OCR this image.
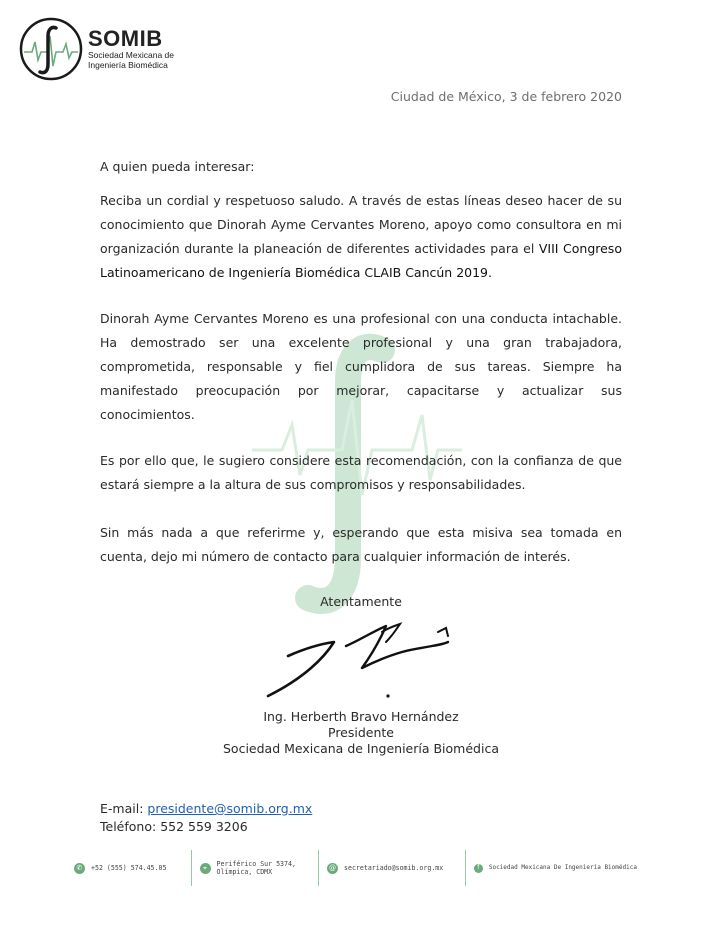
SOMIB
Sociedad Mexicana de
Ingeniería Biomédica
Ciudad de México, 3 de febrero 2020

A quien pueda interesar:

Reciba un cordial y respetuoso saludo. A través de estas líneas deseo hacer de su conocimiento que Dinorah Ayme Cervantes Moreno, apoyo como consultora en mi organización durante la planeación de diferentes actividades para el VIII Congreso Latinoamericano de Ingeniería Biomédica CLAIB Cancún 2019.

Dinorah Ayme Cervantes Moreno es una profesional con una conducta intachable. Ha demostrado ser una excelente profesional y una gran trabajadora, comprometida, responsable y fiel cumplidora de sus tareas. Siempre ha manifestado preocupación por mejorar, capacitarse y actualizar sus conocimientos.

Es por ello que, le sugiero considere esta recomendación, con la confianza de que estará siempre a la altura de sus compromisos y responsabilidades.

Sin más nada a que referirme y, esperando que esta misiva sea tomada en cuenta, dejo mi número de contacto para cualquier información de interés.

Atentamente
Ing. Herberth Bravo Hernández
Presidente
Sociedad Mexicana de Ingeniería Biomédica
E-mail: presidente@somib.org.mx
Teléfono: 552 559 3206
✆	+52 (555) 574.45.05	⌖	Periférico Sur 5374,
Olímpica, CDMX	@	secretariado@somib.org.mx	f	Sociedad Mexicana De Ingeniería Biomédica
